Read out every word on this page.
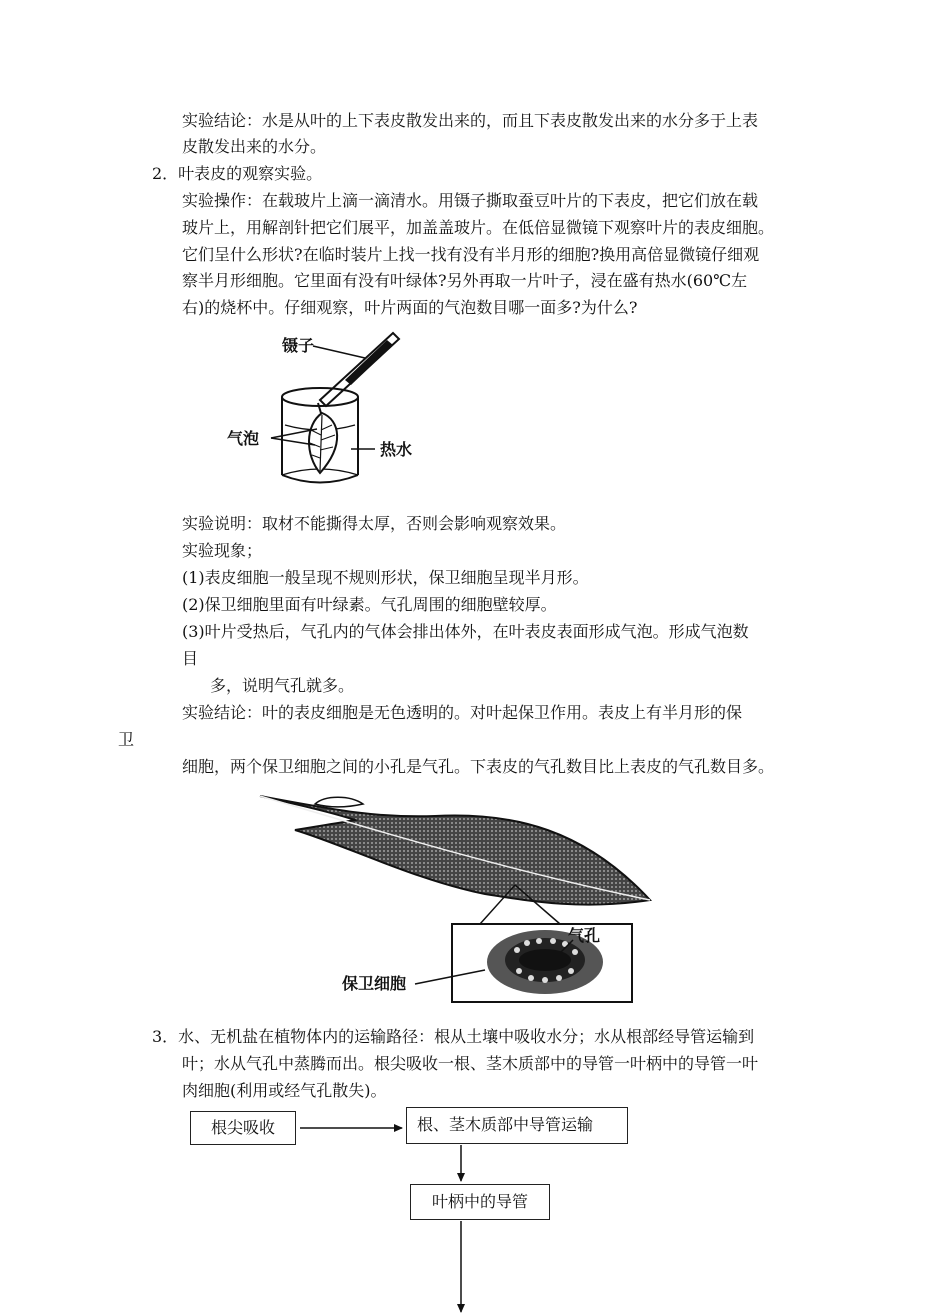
实验结论：水是从叶的上下表皮散发出来的，而且下表皮散发出来的水分多于上表
皮散发出来的水分。
2．叶表皮的观察实验。
实验操作：在载玻片上滴一滴清水。用镊子撕取蚕豆叶片的下表皮，把它们放在载
玻片上，用解剖针把它们展平，加盖盖玻片。在低倍显微镜下观察叶片的表皮细胞。
它们呈什么形状?在临时装片上找一找有没有半月形的细胞?换用高倍显微镜仔细观
察半月形细胞。它里面有没有叶绿体?另外再取一片叶子，浸在盛有热水(60℃左
右)的烧杯中。仔细观察，叶片两面的气泡数目哪一面多?为什么?
镊子
气泡
热水
实验说明：取材不能撕得太厚，否则会影响观察效果。
实验现象；
(1)表皮细胞一般呈现不规则形状，保卫细胞呈现半月形。
(2)保卫细胞里面有叶绿素。气孔周围的细胞壁较厚。
(3)叶片受热后，气孔内的气体会排出体外，在叶表皮表面形成气泡。形成气泡数
目
多，说明气孔就多。
实验结论：叶的表皮细胞是无色透明的。对叶起保卫作用。表皮上有半月形的保
卫
细胞，两个保卫细胞之间的小孔是气孔。下表皮的气孔数目比上表皮的气孔数目多。
气孔
保卫细胞
3．水、无机盐在植物体内的运输路径：根从土壤中吸收水分；水从根部经导管运输到
叶；水从气孔中蒸腾而出。根尖吸收一根、茎木质部中的导管一叶柄中的导管一叶
肉细胞(利用或经气孔散失)。
根尖吸收	根、茎木质部中导管运输
叶柄中的导管
